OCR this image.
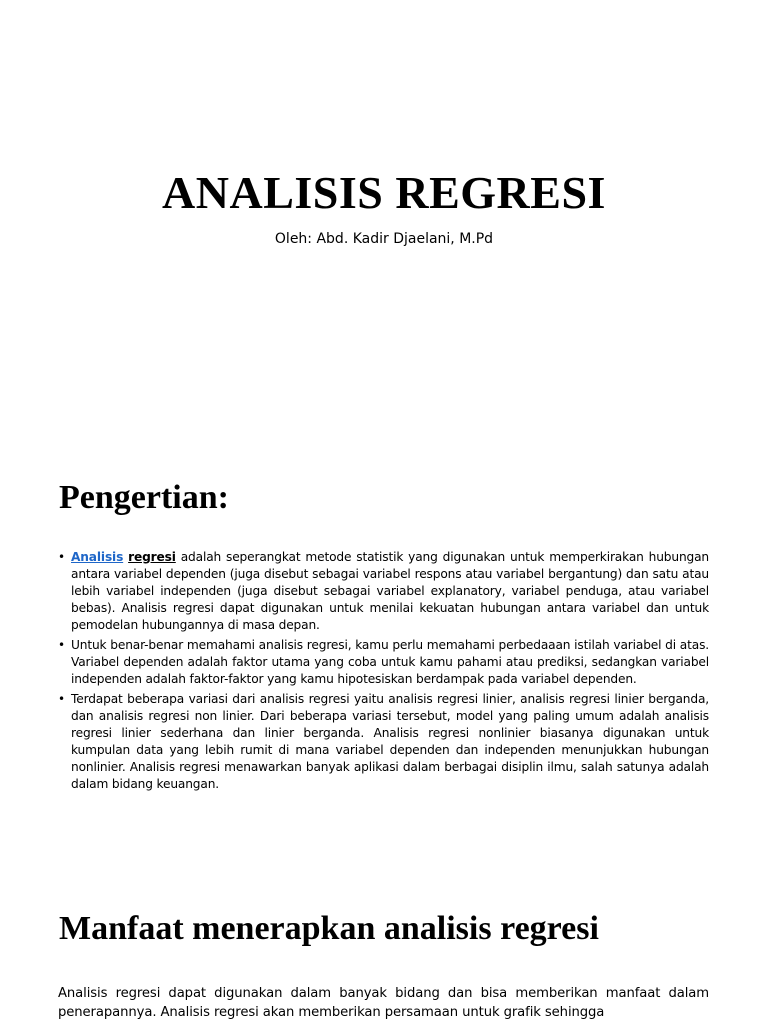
ANALISIS REGRESI

Oleh: Abd. Kadir Djaelani, M.Pd

Pengertian:
• Analisis regresi adalah seperangkat metode statistik yang digunakan untuk memperkirakan hubungan antara variabel dependen (juga disebut sebagai variabel respons atau variabel bergantung) dan satu atau lebih variabel independen (juga disebut sebagai variabel explanatory, variabel penduga, atau variabel bebas). Analisis regresi dapat digunakan untuk menilai kekuatan hubungan antara variabel dan untuk pemodelan hubungannya di masa depan.
• Untuk benar-benar memahami analisis regresi, kamu perlu memahami perbedaaan istilah variabel di atas. Variabel dependen adalah faktor utama yang coba untuk kamu pahami atau prediksi, sedangkan variabel independen adalah faktor-faktor yang kamu hipotesiskan berdampak pada variabel dependen.
• Terdapat beberapa variasi dari analisis regresi yaitu analisis regresi linier, analisis regresi linier berganda, dan analisis regresi non linier. Dari beberapa variasi tersebut, model yang paling umum adalah analisis regresi linier sederhana dan linier berganda. Analisis regresi nonlinier biasanya digunakan untuk kumpulan data yang lebih rumit di mana variabel dependen dan independen menunjukkan hubungan nonlinier. Analisis regresi menawarkan banyak aplikasi dalam berbagai disiplin ilmu, salah satunya adalah dalam bidang keuangan.
Manfaat menerapkan analisis regresi

Analisis regresi dapat digunakan dalam banyak bidang dan bisa memberikan manfaat dalam penerapannya. Analisis regresi akan memberikan persamaan untuk grafik sehingga
